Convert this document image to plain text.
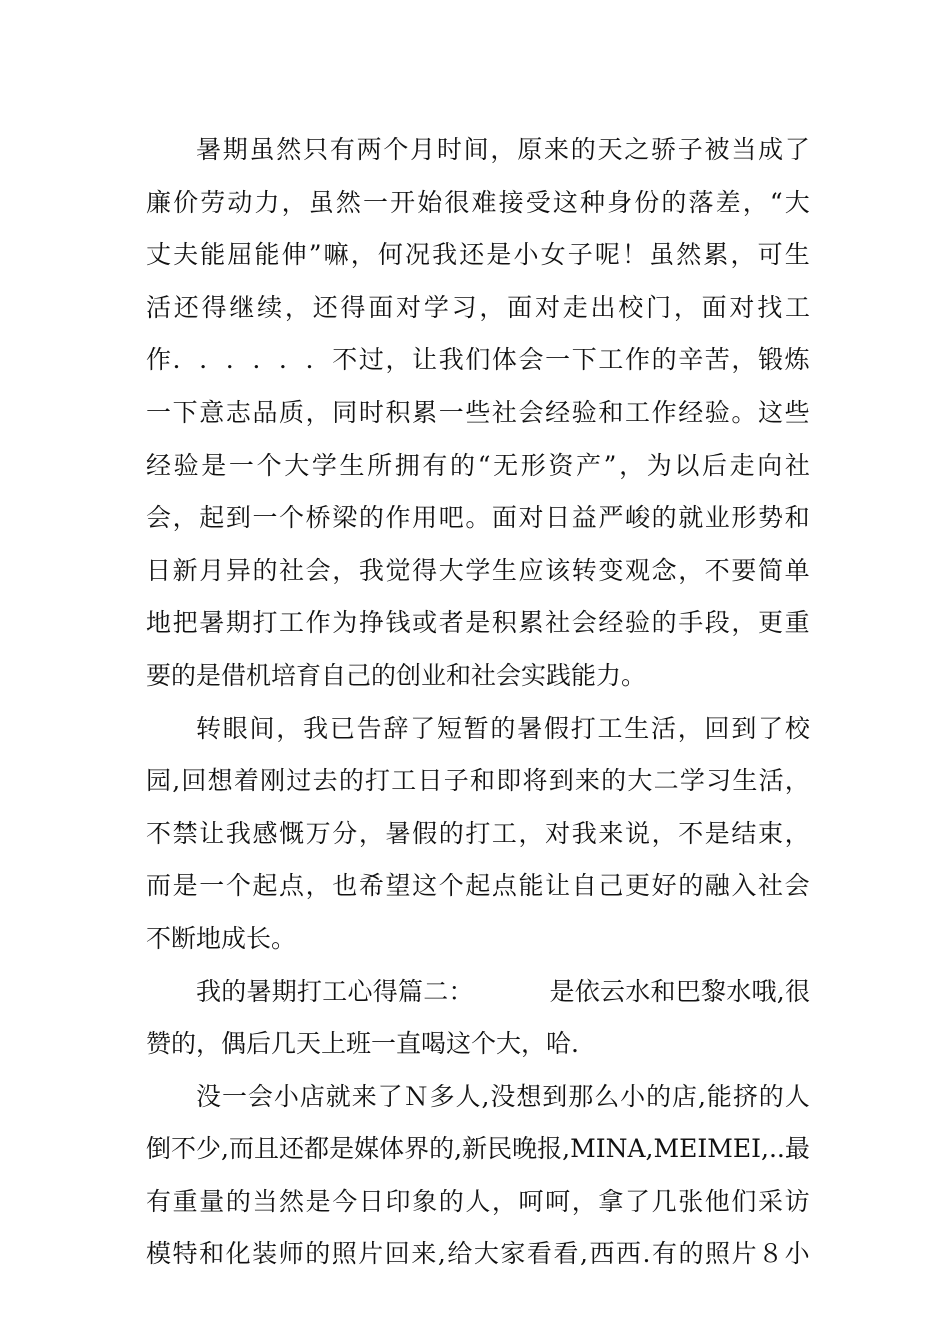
暑 期 虽 然 只 有 两 个 月 时 间 ， 原 来 的 天 之 骄 子 被 当 成 了
廉 价 劳 动 力 ， 虽 然 一 开 始 很 难 接 受 这 种 身 份 的 落 差 ， “ 大
丈 夫 能 屈 能 伸 ” 嘛 ， 何 况 我 还 是 小 女 子 呢 ！ 虽 然 累 ， 可 生
活 还 得 继 续 ， 还 得 面 对 学 习 ， 面 对 走 出 校 门 ， 面 对 找 工
作 ． ． ． ． ． ． 不 过 ， 让 我 们 体 会 一 下 工 作 的 辛 苦 ， 锻 炼
一 下 意 志 品 质 ， 同 时 积 累 一 些 社 会 经 验 和 工 作 经 验 。 这 些
经 验 是 一 个 大 学 生 所 拥 有 的 “ 无 形 资 产 ” ， 为 以 后 走 向 社
会 ， 起 到 一 个 桥 梁 的 作 用 吧 。 面 对 日 益 严 峻 的 就 业 形 势 和
日 新 月 异 的 社 会 ， 我 觉 得 大 学 生 应 该 转 变 观 念 ， 不 要 简 单
地 把 暑 期 打 工 作 为 挣 钱 或 者 是 积 累 社 会 经 验 的 手 段 ， 更 重
要的是借机培育自己的创业和社会实践能力。
转 眼 间 ， 我 已 告 辞 了 短 暂 的 暑 假 打 工 生 活 ， 回 到 了 校
园 , 回 想 着 刚 过 去 的 打 工 日 子 和 即 将 到 来 的 大 二 学 习 生 活 ，
不 禁 让 我 感 慨 万 分 ， 暑 假 的 打 工 ， 对 我 来 说 ， 不 是 结 束 ，
而 是 一 个 起 点 ， 也 希 望 这 个 起 点 能 让 自 己 更 好 的 融 入 社 会
不断地成长。
我 的 暑 期 打 工 心 得 篇 二 ：

　	是 依 云 水 和 巴 黎 水 哦 , 很
赞的，偶后几天上班一直喝这个大，哈.
没 一 会 小 店 就 来 了 Ｎ 多 人 , 没 想 到 那 么 小 的 店 , 能 挤 的 人
倒 不 少 , 而 且 还 都 是 媒 体 界 的 , 新 民 晚 报 , M I N A , M E I M E I , . . 最
有 重 量 的 当 然 是 今 日 印 象 的 人 ， 呵 呵 ， 拿 了 几 张 他 们 采 访
模 特 和 化 装 师 的 照 片 回 来 , 给 大 家 看 看 , 西 西 . 有 的 照 片 ８ 小
